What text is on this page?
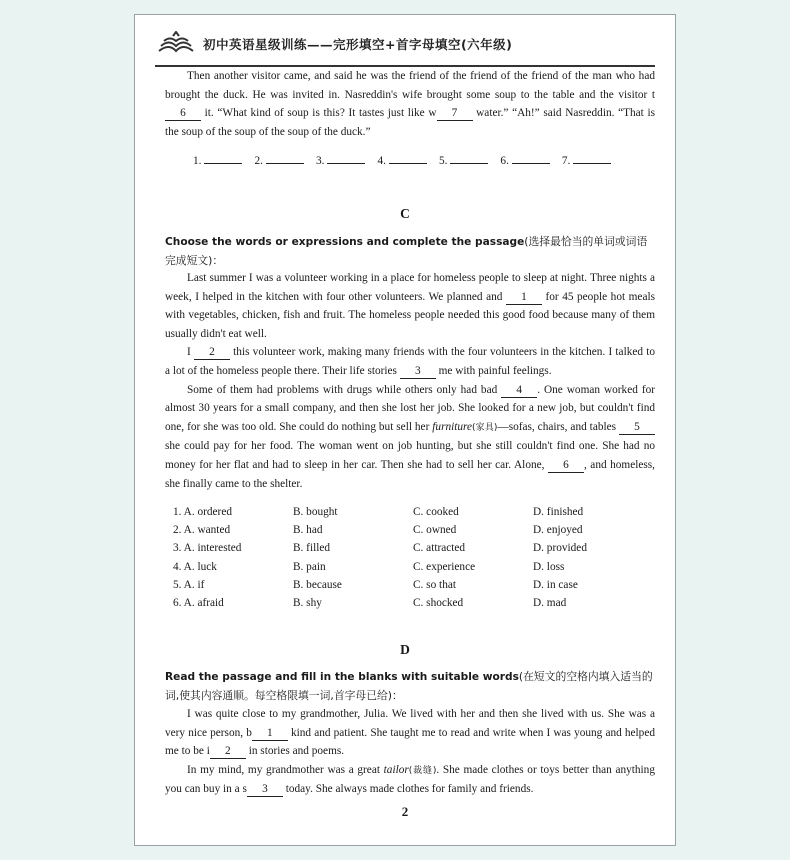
初中英语星级训练——完形填空+首字母填空(六年级)

Then another visitor came, and said he was the friend of the friend of the friend of the man who had brought the duck. He was invited in. Nasreddin's wife brought some soup to the table and the visitor t6 it. “What kind of soup is this? It tastes just like w 7 water.” “Ah!” said Nasreddin. “That is the soup of the soup of the soup of the duck.”

1.	2.	3.	4.	5.	6.	7.
C
Choose the words or expressions and complete the passage(选择最恰当的单词或词语完成短文)：

Last summer I was a volunteer working in a place for homeless people to sleep at night. Three nights a week, I helped in the kitchen with four other volunteers. We planned and 1 for 45 people hot meals with vegetables, chicken, fish and fruit. The homeless people needed this good food because many of them usually didn't eat well.

I 2 this volunteer work, making many friends with the four volunteers in the kitchen. I talked to a lot of the homeless people there. Their life stories 3 me with painful feelings.

Some of them had problems with drugs while others only had bad 4 . One woman worked for almost 30 years for a small company, and then she lost her job. She looked for a new job, but couldn't find one, for she was too old. She could do nothing but sell her furniture(家具)—sofas, chairs, and tables 5 she could pay for her food. The woman went on job hunting, but she still couldn't find one. She had no money for her flat and had to sleep in her car. Then she had to sell her car. Alone, 6 , and homeless, she finally came to the shelter.

1. A. ordered	B. bought	C. cooked	D. finished
2. A. wanted	B. had	C. owned	D. enjoyed
3. A. interested	B. filled	C. attracted	D. provided
4. A. luck	B. pain	C. experience	D. loss
5. A. if	B. because	C. so that	D. in case
6. A. afraid	B. shy	C. shocked	D. mad
D
Read the passage and fill in the blanks with suitable words(在短文的空格内填入适当的词,使其内容通顺。每空格限填一词,首字母已给)：

I was quite close to my grandmother, Julia. We lived with her and then she lived with us. She was a very nice person, b 1 kind and patient. She taught me to read and write when I was young and helped me to be i 2 in stories and poems.

In my mind, my grandmother was a great tailor(裁缝). She made clothes or toys better than anything you can buy in a s 3 today. She always made clothes for family and friends.

2
